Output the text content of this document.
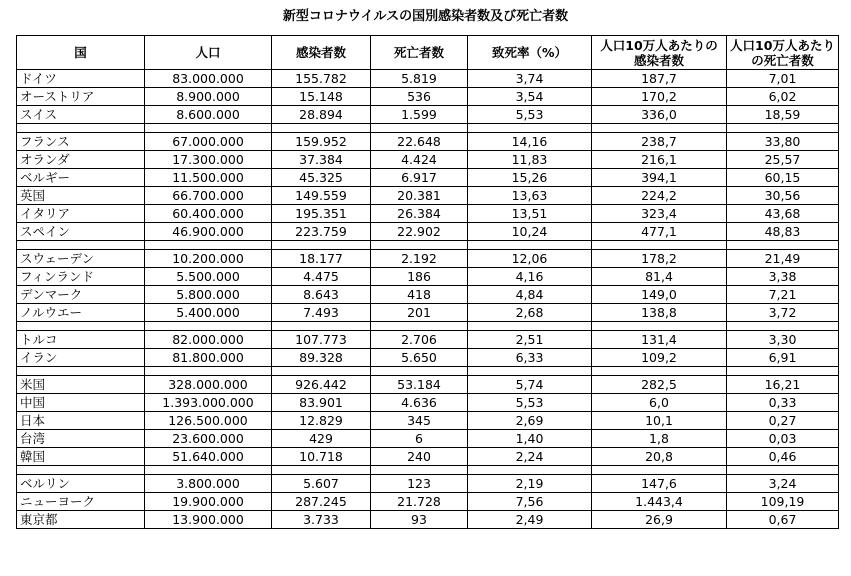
新型コロナウイルスの国別感染者数及び死亡者数
国	人口	感染者数	死亡者数	致死率（%）	人口10万人あたりの感染者数	人口10万人あたりの死亡者数
ドイツ	83.000.000	155.782	5.819	3,74	187,7	7,01
オーストリア	8.900.000	15.148	536	3,54	170,2	6,02
スイス	8.600.000	28.894	1.599	5,53	336,0	18,59

フランス	67.000.000	159.952	22.648	14,16	238,7	33,80
オランダ	17.300.000	37.384	4.424	11,83	216,1	25,57
ベルギー	11.500.000	45.325	6.917	15,26	394,1	60,15
英国	66.700.000	149.559	20.381	13,63	224,2	30,56
イタリア	60.400.000	195.351	26.384	13,51	323,4	43,68
スペイン	46.900.000	223.759	22.902	10,24	477,1	48,83

スウェーデン	10.200.000	18.177	2.192	12,06	178,2	21,49
フィンランド	5.500.000	4.475	186	4,16	81,4	3,38
デンマーク	5.800.000	8.643	418	4,84	149,0	7,21
ノルウエー	5.400.000	7.493	201	2,68	138,8	3,72

トルコ	82.000.000	107.773	2.706	2,51	131,4	3,30
イラン	81.800.000	89.328	5.650	6,33	109,2	6,91

米国	328.000.000	926.442	53.184	5,74	282,5	16,21
中国	1.393.000.000	83.901	4.636	5,53	6,0	0,33
日本	126.500.000	12.829	345	2,69	10,1	0,27
台湾	23.600.000	429	6	1,40	1,8	0,03
韓国	51.640.000	10.718	240	2,24	20,8	0,46

ベルリン	3.800.000	5.607	123	2,19	147,6	3,24
ニューヨーク	19.900.000	287.245	21.728	7,56	1.443,4	109,19
東京都	13.900.000	3.733	93	2,49	26,9	0,67
